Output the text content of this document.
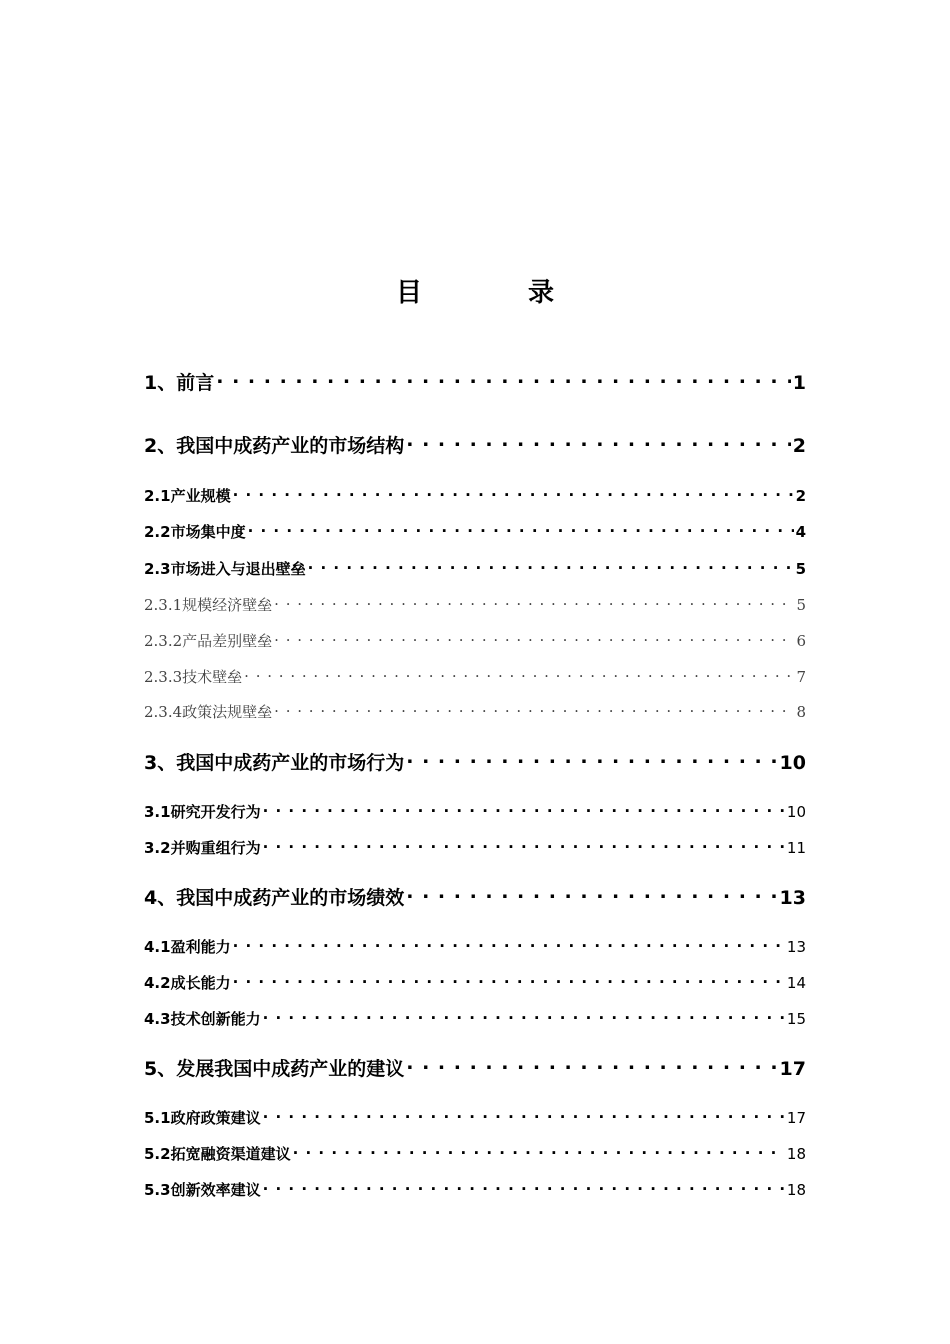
目　录
1、前言 . . .	1
2、我国中成药产业的市场结构 . . .	2
2.1产业规模 . . .	2
2.2市场集中度 . . .	4
2.3市场进入与退出壁垒 . . .	5
2.3.1规模经济壁垒 . . .	5
2.3.2产品差别壁垒 . . .	6
2.3.3技术壁垒 . . .	7
2.3.4政策法规壁垒 . . .	8
3、我国中成药产业的市场行为 . . .	10
3.1研究开发行为 . . .	10
3.2并购重组行为 . . .	11
4、我国中成药产业的市场绩效 . . .	13
4.1盈利能力 . . .	13
4.2成长能力 . . .	14
4.3技术创新能力 . . .	15
5、发展我国中成药产业的建议 . . .	17
5.1政府政策建议 . . .	17
5.2拓宽融资渠道建议 . . .	18
5.3创新效率建议 . . .	18
